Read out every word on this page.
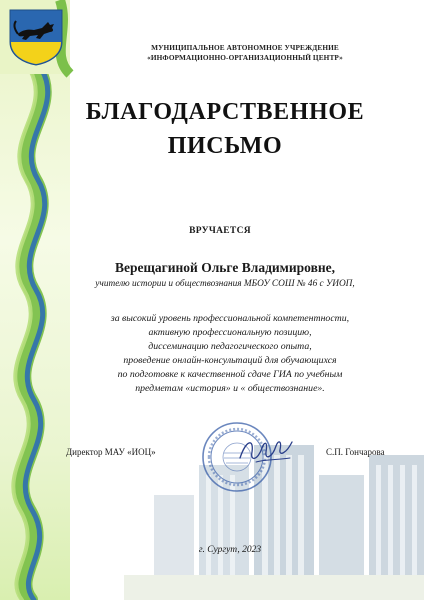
МУНИЦИПАЛЬНОЕ АВТОНОМНОЕ УЧРЕЖДЕНИЕ
«ИНФОРМАЦИОННО-ОРГАНИЗАЦИОННЫЙ ЦЕНТР»
БЛАГОДАРСТВЕННОЕ
ПИСЬМО
ВРУЧАЕТСЯ
Верещагиной Ольге Владимировне,
учителю истории и обществознания МБОУ СОШ № 46 с УИОП,
за высокий уровень профессиональной компетентности,
активную профессиональную позицию,
диссеминацию педагогического опыта,
проведение онлайн-консультаций для обучающихся
по подготовке к качественной сдаче ГИА по учебным
предметам «история» и « обществознание».
Директор МАУ «ИОЦ»	С.П. Гончарова
г. Сургут, 2023
